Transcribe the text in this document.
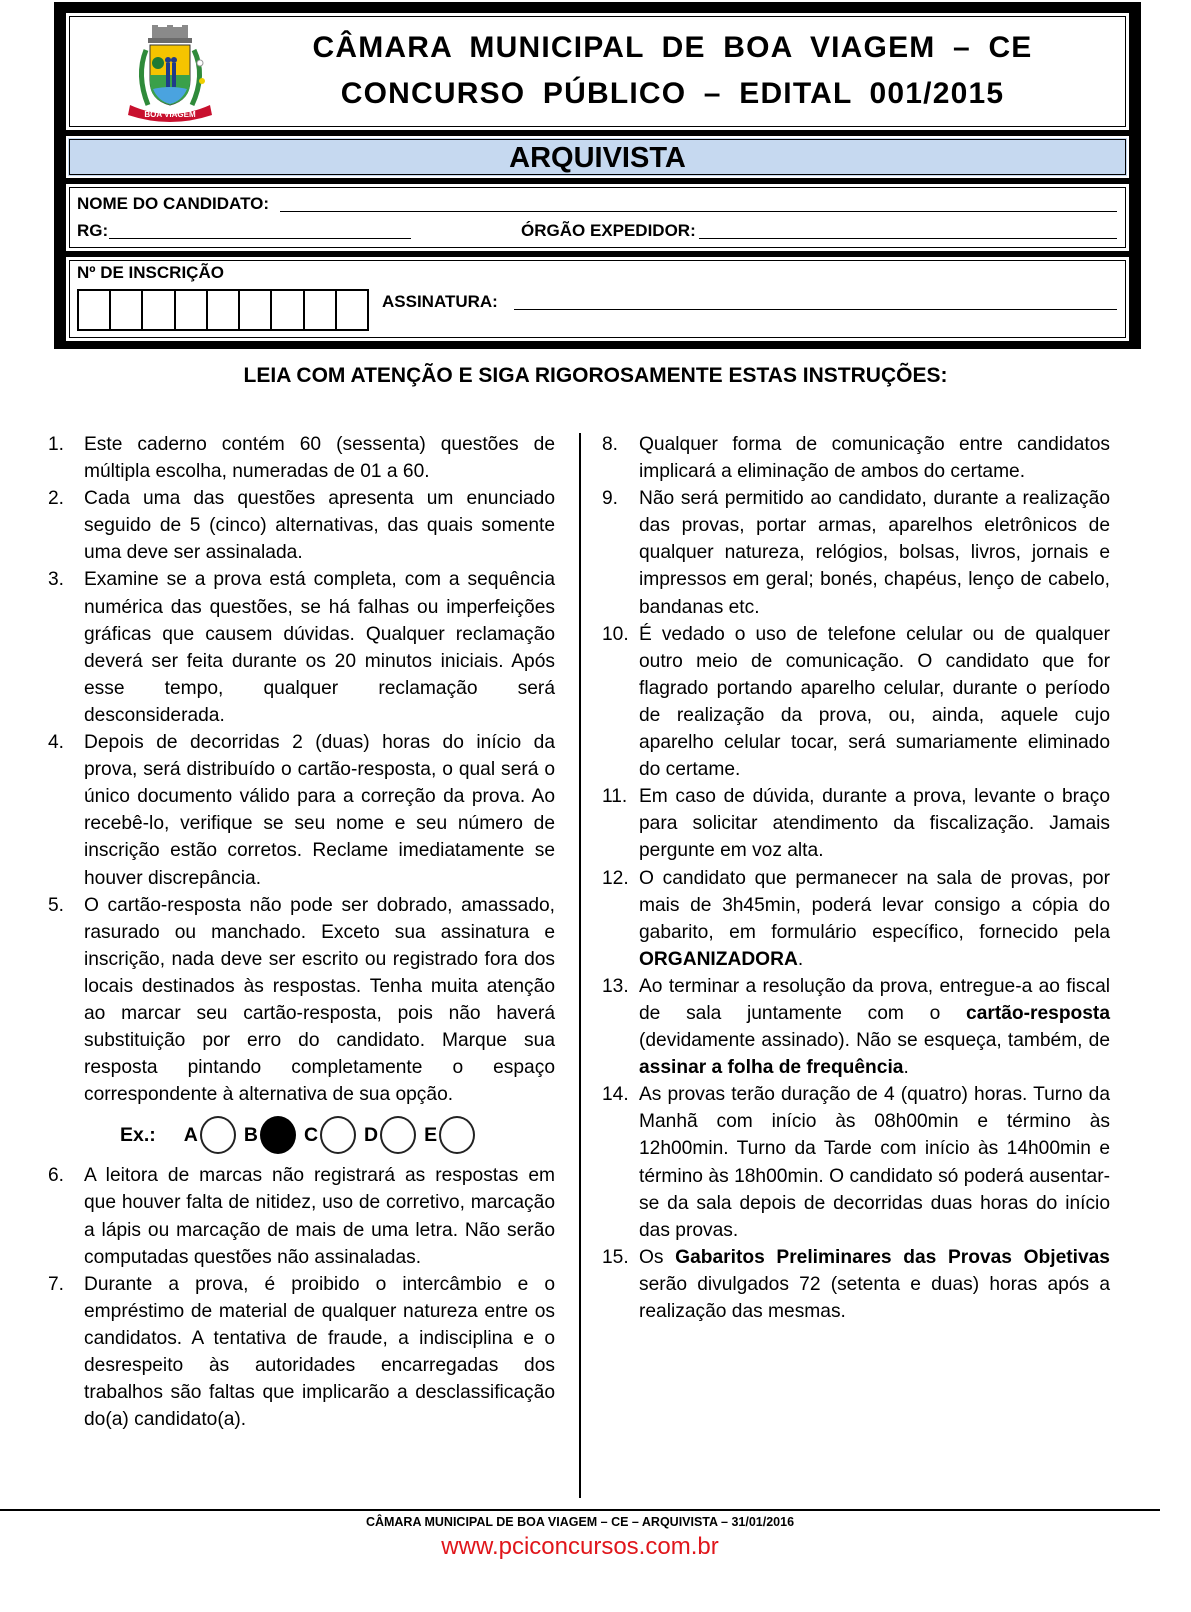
BOA VIAGEM
CÂMARA MUNICIPAL DE BOA VIAGEM – CE
CONCURSO PÚBLICO – EDITAL 001/2015
ARQUIVISTA
NOME DO CANDIDATO:
RG:	ÓRGÃO EXPEDIDOR:
Nº DE INSCRIÇÃO
ASSINATURA:
LEIA COM ATENÇÃO E SIGA RIGOROSAMENTE ESTAS INSTRUÇÕES:
1.	Este caderno contém 60 (sessenta) questões de múltipla escolha, numeradas de 01 a 60.
2.	Cada uma das questões apresenta um enunciado seguido de 5 (cinco) alternativas, das quais somente uma deve ser assinalada.
3.	Examine se a prova está completa, com a sequência numérica das questões, se há falhas ou imperfeições gráficas que causem dúvidas. Qualquer reclamação deverá ser feita durante os 20 minutos iniciais. Após esse tempo, qualquer reclamação será desconsiderada.
4.	Depois de decorridas 2 (duas) horas do início da prova, será distribuído o cartão-resposta, o qual será o único documento válido para a correção da prova. Ao recebê-lo, verifique se seu nome e seu número de inscrição estão corretos. Reclame imediatamente se houver discrepância.
5.	O cartão-resposta não pode ser dobrado, amassado, rasurado ou manchado. Exceto sua assinatura e inscrição, nada deve ser escrito ou registrado fora dos locais destinados às respostas. Tenha muita atenção ao marcar seu cartão-resposta, pois não haverá substituição por erro do candidato. Marque sua resposta pintando completamente o espaço correspondente à alternativa de sua opção.
Ex.: A B C D E
6.	A leitora de marcas não registrará as respostas em que houver falta de nitidez, uso de corretivo, marcação a lápis ou marcação de mais de uma letra. Não serão computadas questões não assinaladas.
7.	Durante a prova, é proibido o intercâmbio e o empréstimo de material de qualquer natureza entre os candidatos. A tentativa de fraude, a indisciplina e o desrespeito às autoridades encarregadas dos trabalhos são faltas que implicarão a desclassificação do(a) candidato(a).
8.	Qualquer forma de comunicação entre candidatos implicará a eliminação de ambos do certame.
9.	Não será permitido ao candidato, durante a realização das provas, portar armas, aparelhos eletrônicos de qualquer natureza, relógios, bolsas, livros, jornais e impressos em geral; bonés, chapéus, lenço de cabelo, bandanas etc.
10. É vedado o uso de telefone celular ou de qualquer outro meio de comunicação. O candidato que for flagrado portando aparelho celular, durante o período de realização da prova, ou, ainda, aquele cujo aparelho celular tocar, será sumariamente eliminado do certame.
11. Em caso de dúvida, durante a prova, levante o braço para solicitar atendimento da fiscalização. Jamais pergunte em voz alta.
12. O candidato que permanecer na sala de provas, por mais de 3h45min, poderá levar consigo a cópia do gabarito, em formulário específico, fornecido pela ORGANIZADORA.
13. Ao terminar a resolução da prova, entregue-a ao fiscal de sala juntamente com o cartão-resposta (devidamente assinado). Não se esqueça, também, de assinar a folha de frequência.
14. As provas terão duração de 4 (quatro) horas. Turno da Manhã com início às 08h00min e término às 12h00min. Turno da Tarde com início às 14h00min e término às 18h00min. O candidato só poderá ausentar-se da sala depois de decorridas duas horas do início das provas.
15. Os Gabaritos Preliminares das Provas Objetivas serão divulgados 72 (setenta e duas) horas após a realização das mesmas.
CÂMARA MUNICIPAL DE BOA VIAGEM – CE – ARQUIVISTA – 31/01/2016
www.pciconcursos.com.br
